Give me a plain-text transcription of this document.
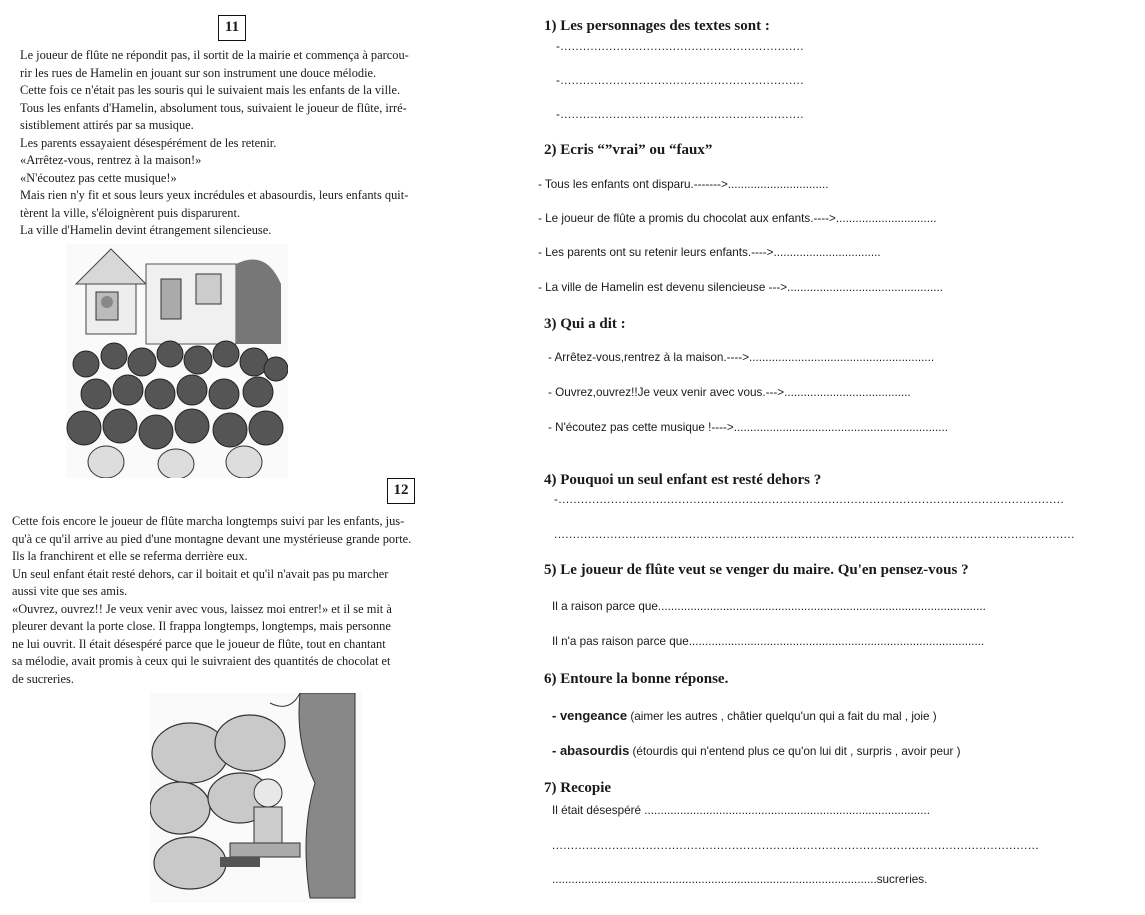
11

Le joueur de flûte ne répondit pas, il sortit de la mairie et commença à parcou-
rir les rues de Hamelin en jouant sur son instrument une douce mélodie.
Cette fois ce n'était pas les souris qui le suivaient mais les enfants de la ville.
Tous les enfants d'Hamelin, absolument tous, suivaient le joueur de flûte, irré-
sistiblement attirés par sa musique.
Les parents essayaient désespérément de les retenir.
«Arrêtez-vous, rentrez à la maison!»
«N'écoutez pas cette musique!»
Mais rien n'y fit et sous leurs yeux incrédules et abasourdis, leurs enfants quit-
tèrent la ville, s'éloignèrent puis disparurent.
La ville d'Hamelin devint étrangement silencieuse.

12

Cette fois encore le joueur de flûte marcha longtemps suivi par les enfants, jus-
qu'à ce qu'il arrive au pied d'une montagne devant une mystérieuse grande porte.
Ils la franchirent et elle se referma derrière eux.
Un seul enfant était resté dehors, car il boitait et qu'il n'avait pas pu marcher
aussi vite que ses amis.
«Ouvrez, ouvrez!! Je veux venir avec vous, laissez moi entrer!» et il se mit à
pleurer devant la porte close. Il frappa longtemps, longtemps, mais personne
ne lui ouvrit. Il était désespéré parce que le joueur de flûte, tout en chantant
sa mélodie, avait promis à ceux qui le suivraient des quantités de chocolat et
de sucreries.

1) Les personnages des textes sont :
-.................................................................
-.................................................................
-.................................................................
2) Ecris “”vrai” ou “faux”
- Tous les enfants ont disparu.------->...............................
- Le joueur de flûte a promis du chocolat aux enfants.---->...............................
- Les parents ont su retenir leurs enfants.---->.................................
- La ville de Hamelin est devenu silencieuse --->................................................
3) Qui a dit :
- Arrêtez-vous,rentrez à la maison.---->.........................................................
- Ouvrez,ouvrez!!Je veux venir avec vous.--->.......................................
- N'écoutez pas cette musique !---->..................................................................
4) Pouquoi un seul enfant est resté dehors ?
-.......................................................................................................................................
...........................................................................................................................................
5) Le joueur de flûte veut se venger du maire. Qu'en pensez-vous ?
Il a raison parce que.....................................................................................................
Il n'a pas raison parce que...........................................................................................
6) Entoure la bonne réponse.
- vengeance (aimer les autres , châtier quelqu'un qui a fait du mal , joie )
- abasourdis (étourdis qui n'entend plus ce qu'on lui dit , surpris , avoir peur )
7) Recopie
Il était désespéré ........................................................................................
..................................................................................................................................
....................................................................................................sucreries.
